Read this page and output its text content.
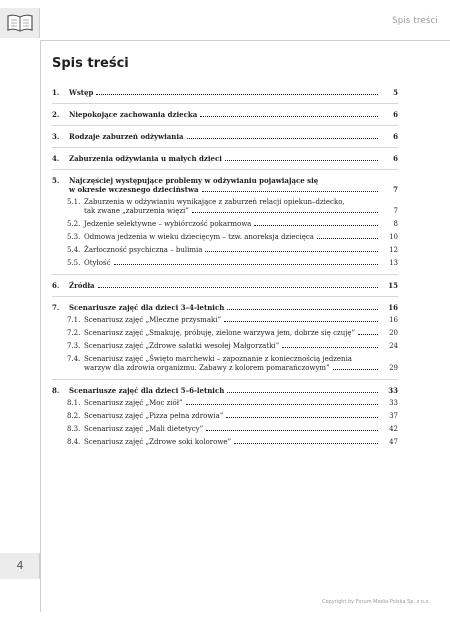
Spis treści
Spis treści
1.	Wstęp	5
2.	Niepokojące zachowania dziecka	6
3.	Rodzaje zaburzeń odżywiania	6
4.	Zaburzenia odżywiania u małych dzieci	6
5.	Najczęściej występujące problemy w odżywianiu pojawiające się
w okresie wczesnego dzieciństwa	7
5.1. Zaburzenia w odżywianiu wynikające z zaburzeń relacji opiekun–dziecko,
tak zwane „zaburzenia więzi”	7
5.2. Jedzenie selektywne – wybiórczość pokarmowa	8
5.3. Odmowa jedzenia w wieku dziecięcym – tzw. anoreksja dziecięca	10
5.4. Żarłoczność psychiczna – bulimia	12
5.5. Otyłość	13
6.	Źródła	15
7.	Scenariusze zajęć dla dzieci 3–4-letnich	16
7.1. Scenariusz zajęć „Mleczne przysmaki”	16
7.2. Scenariusz zajęć „Smakuję, próbuję, zielone warzywa jem, dobrze się czuję”	20
7.3. Scenariusz zajęć „Zdrowe sałatki wesołej Małgorzatki”	24
7.4. Scenariusz zajęć „Święto marchewki – zapoznanie z koniecznością jedzenia
warzyw dla zdrowia organizmu. Zabawy z kolorem pomarańczowym”	29
8.	Scenariusze zajęć dla dzieci 5–6-letnich	33
8.1. Scenariusz zajęć „Moc ziół”	33
8.2. Scenariusz zajęć „Pizza pełna zdrowia”	37
8.3. Scenariusz zajęć „Mali dietetycy”	42
8.4. Scenariusz zajęć „Zdrowe soki kolorowe”	47
4
Copyright by Forum Media Polska Sp. z o.o.
